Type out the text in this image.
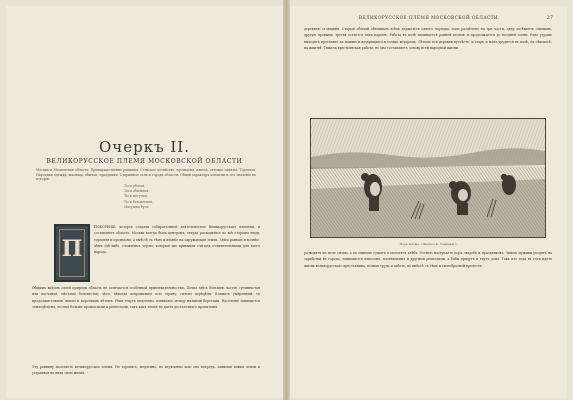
Очеркъ II.
ВЕЛИКОРУССКОЕ ПЛЕМЯ МОСКОВСКОЙ ОБЛАСТИ
Москва и Московская область. Преимущественно равнины. Сельское хозяйство, промыслы, извозъ, отхожiе занятiя. Торговля. Народная одежда, жилища, обычаи, праздники. Старинные села и города области. Общiй характеръ племени и его значенiе въ исторiи.
Ты и убогая,
Ты и обильная,
Ты и могучая,
Ты и безсильная,
Матушка Русь!
П
ПОКОРЕНIЕ, которое создали собирательной деятельностью Великорусскаго племени, и составляетъ область. Москва всегда была центромъ, откуда расходились во всѣ стороны люди, торговля и промыслы, а вмѣстѣ съ тѣмъ и вліяніе на окружающія земли. Здѣсь раньше и полнѣе, чѣмъ гдѣ-либо, сложились черты, которыя мы привыкли считать отличительными для всего народа.
Общимъ видомъ своей природы область не отличается особенной привлекательностью. Почва здѣсь большею частію суглинистая или песчаная, мѣстами болотистая; лѣса, нѣкогда покрывавшiе всю страну, сильно порѣдѣли. Климатъ умѣренный, съ продолжительною зимою и короткимъ лѣтомъ. Рѣки текутъ медленно, извиваясь между низкими берегами. Населенiе занимается земледѣлiемъ, но еще больше промыслами и ремеслами, такъ какъ земля не даетъ достаточнаго пропитанiя.
Эту равнину населяетъ великорусское племя. Не торопясь, медленно, но неуклонно шло оно впередъ, занимая новыя земли и устраивая на нихъ свою жизнь.
ВЕЛИКОРУССКОЕ ПЛЕМЯ МОСКОВСКОЙ ОБЛАСТИ	27
деревнею стоящимъ. Старый обычай обязывалъ всѣхъ держаться одного порядка: поле раздѣлено на три части, одну засѣваютъ озимымъ, другую яровымъ, третья остается подъ паромъ. Работа въ полѣ начинается ранней весною и продолжается до поздней осени. Рано утромъ выходятъ крестьяне на пашню и возвращаются только вечеромъ. Лѣтомъ вся деревня пустѣетъ: и старъ и малъ трудятся въ полѣ, на сѣнокосѣ, на жнитвѣ. Тяжела крестьянская работа, но она составляетъ основу всей народной жизни.
Пора жатвы. «Жатва» К. Савицкаго.
разводятъ на поле снопы, а въ овинахъ сушатъ и молотятъ хлѣбъ. Осенью наступаетъ пора свадебъ и праздниковъ. Зимою мужики уходятъ на заработки въ города, занимаются извозомъ, плотничьимъ и другими ремеслами, а бабы прядутъ и ткутъ дома. Такъ изъ года въ годъ идетъ жизнь великорусскаго крестьянина, полная труда и заботъ, но вмѣстѣ съ тѣмъ и своеобразной прелести.
